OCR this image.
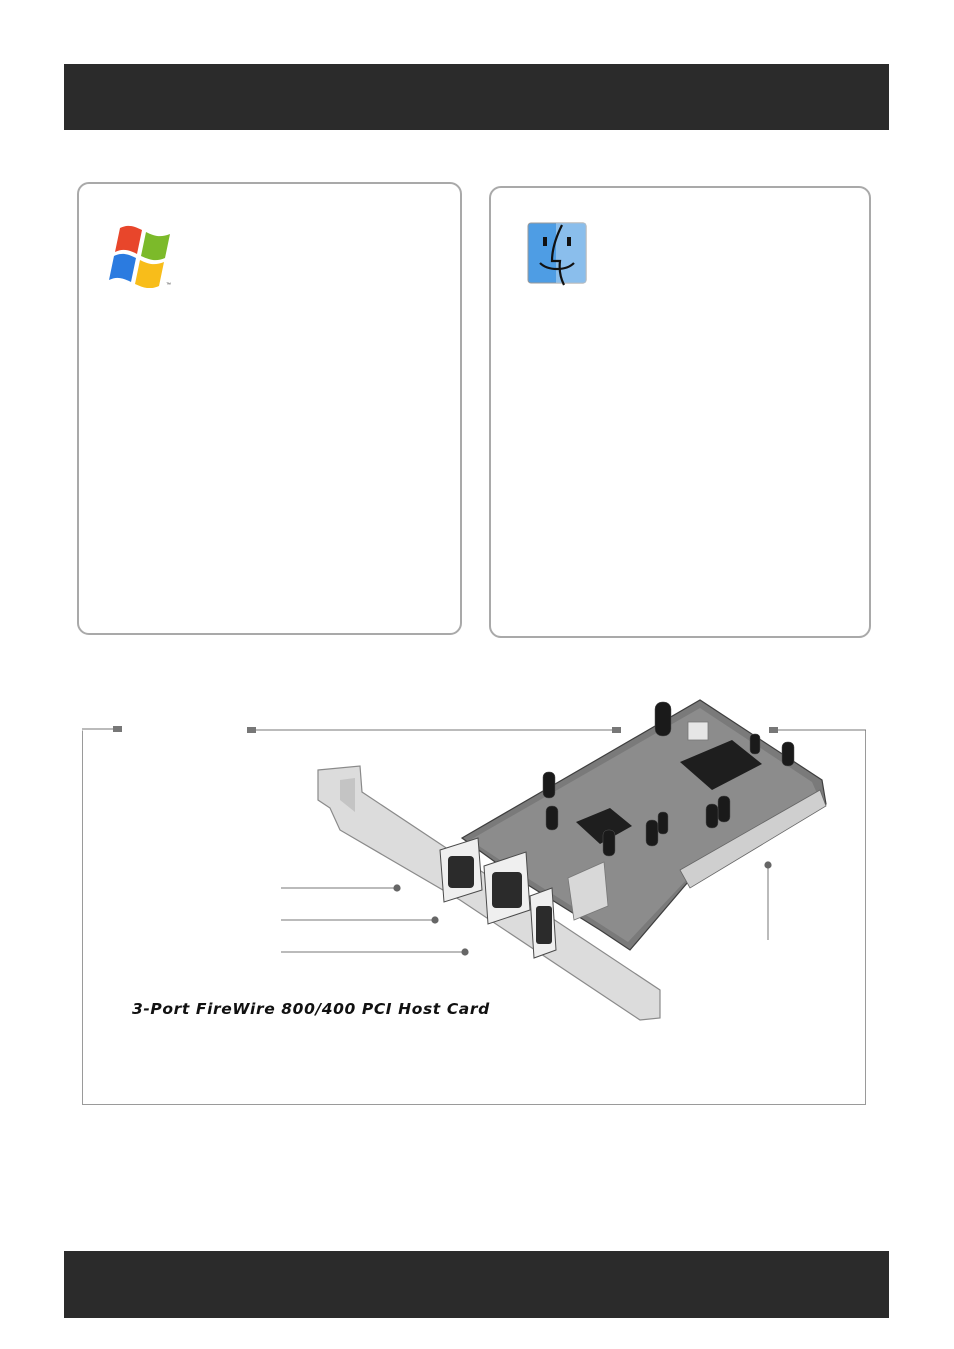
™
3-Port FireWire 800/400 PCI Host Card
